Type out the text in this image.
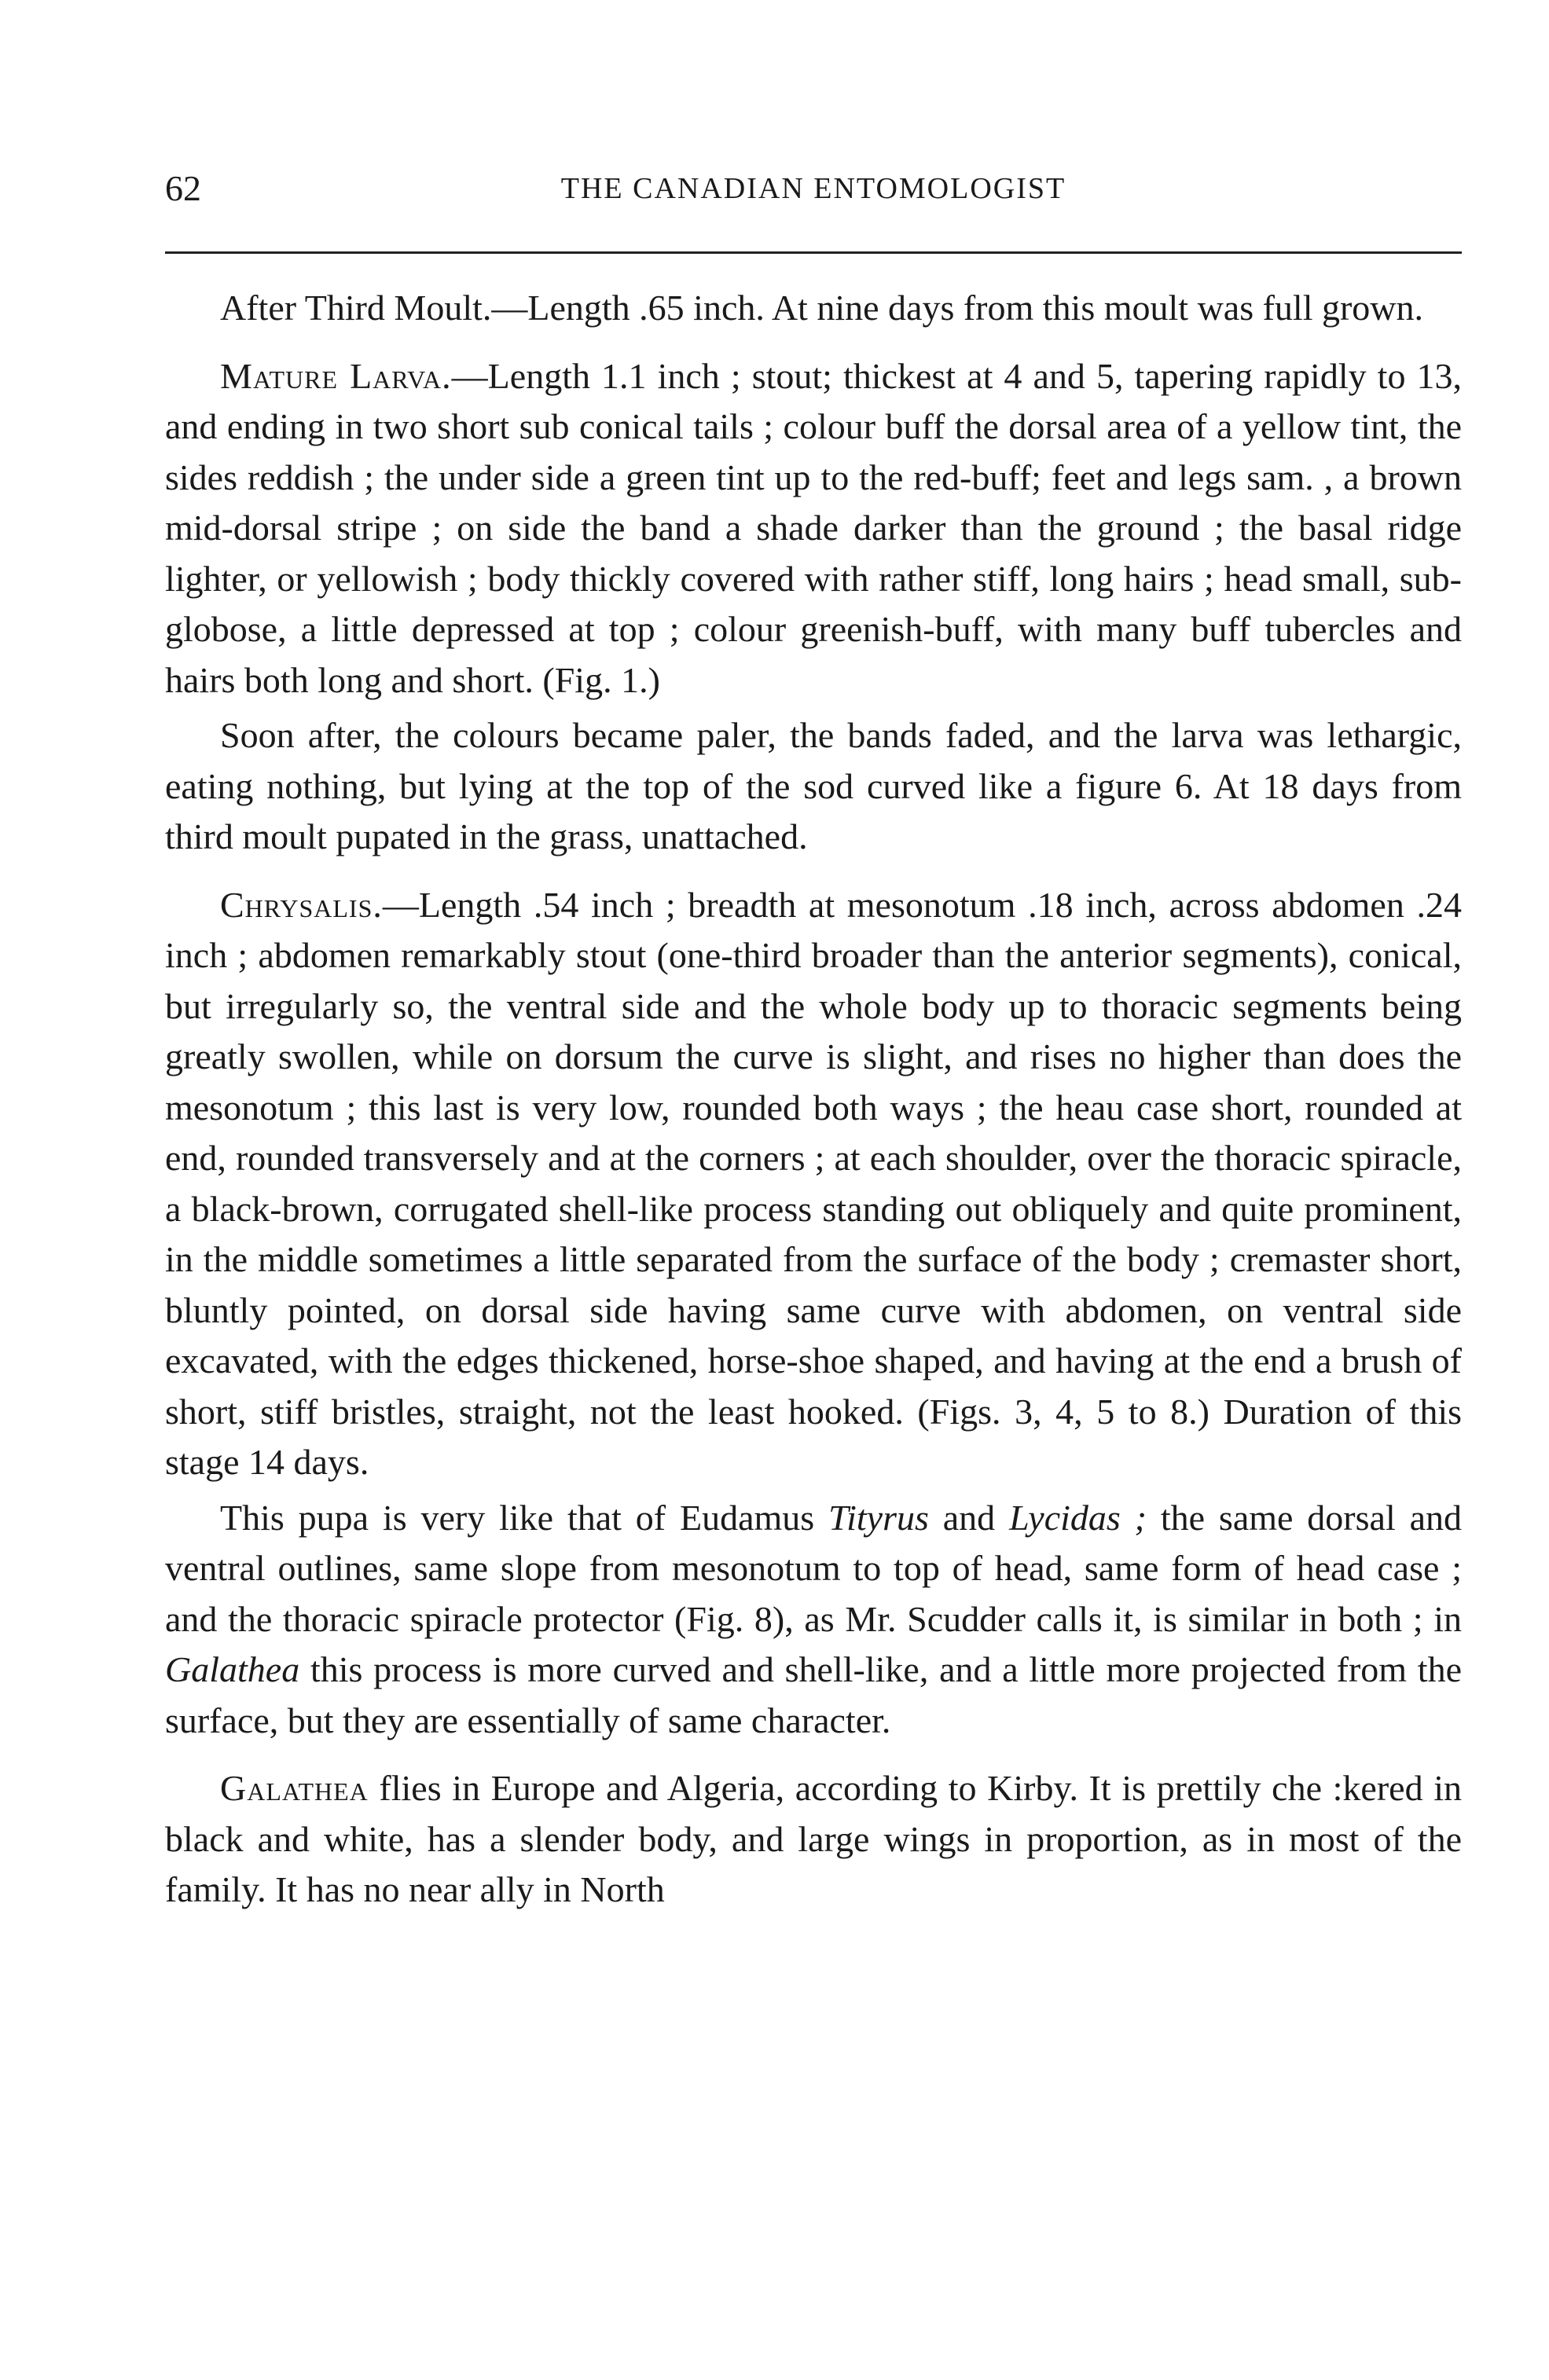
62	THE CANADIAN ENTOMOLOGIST

After Third Moult.—Length .65 inch. At nine days from this moult was full grown.

Mature Larva.—Length 1.1 inch ; stout; thickest at 4 and 5, tapering rapidly to 13, and ending in two short sub conical tails ; colour buff the dorsal area of a yellow tint, the sides reddish ; the under side a green tint up to the red-buff; feet and legs sam. , a brown mid-dorsal stripe ; on side the band a shade darker than the ground ; the basal ridge lighter, or yellowish ; body thickly covered with rather stiff, long hairs ; head small, sub-globose, a little depressed at top ; colour greenish-buff, with many buff tubercles and hairs both long and short. (Fig. 1.)

Soon after, the colours became paler, the bands faded, and the larva was lethargic, eating nothing, but lying at the top of the sod curved like a figure 6. At 18 days from third moult pupated in the grass, unattached.

Chrysalis.—Length .54 inch ; breadth at mesonotum .18 inch, across abdomen .24 inch ; abdomen remarkably stout (one-third broader than the anterior segments), conical, but irregularly so, the ventral side and the whole body up to thoracic segments being greatly swollen, while on dorsum the curve is slight, and rises no higher than does the mesonotum ; this last is very low, rounded both ways ; the heau case short, rounded at end, rounded transversely and at the corners ; at each shoulder, over the thoracic spiracle, a black-brown, corrugated shell-like process standing out obliquely and quite prominent, in the middle sometimes a little separated from the surface of the body ; cremaster short, bluntly pointed, on dorsal side having same curve with abdomen, on ventral side excavated, with the edges thickened, horse-shoe shaped, and having at the end a brush of short, stiff bristles, straight, not the least hooked. (Figs. 3, 4, 5 to 8.) Duration of this stage 14 days.

This pupa is very like that of Eudamus Tityrus and Lycidas ; the same dorsal and ventral outlines, same slope from mesonotum to top of head, same form of head case ; and the thoracic spiracle protector (Fig. 8), as Mr. Scudder calls it, is similar in both ; in Galathea this process is more curved and shell-like, and a little more projected from the surface, but they are essentially of same character.

Galathea flies in Europe and Algeria, according to Kirby. It is prettily che :kered in black and white, has a slender body, and large wings in proportion, as in most of the family. It has no near ally in North
